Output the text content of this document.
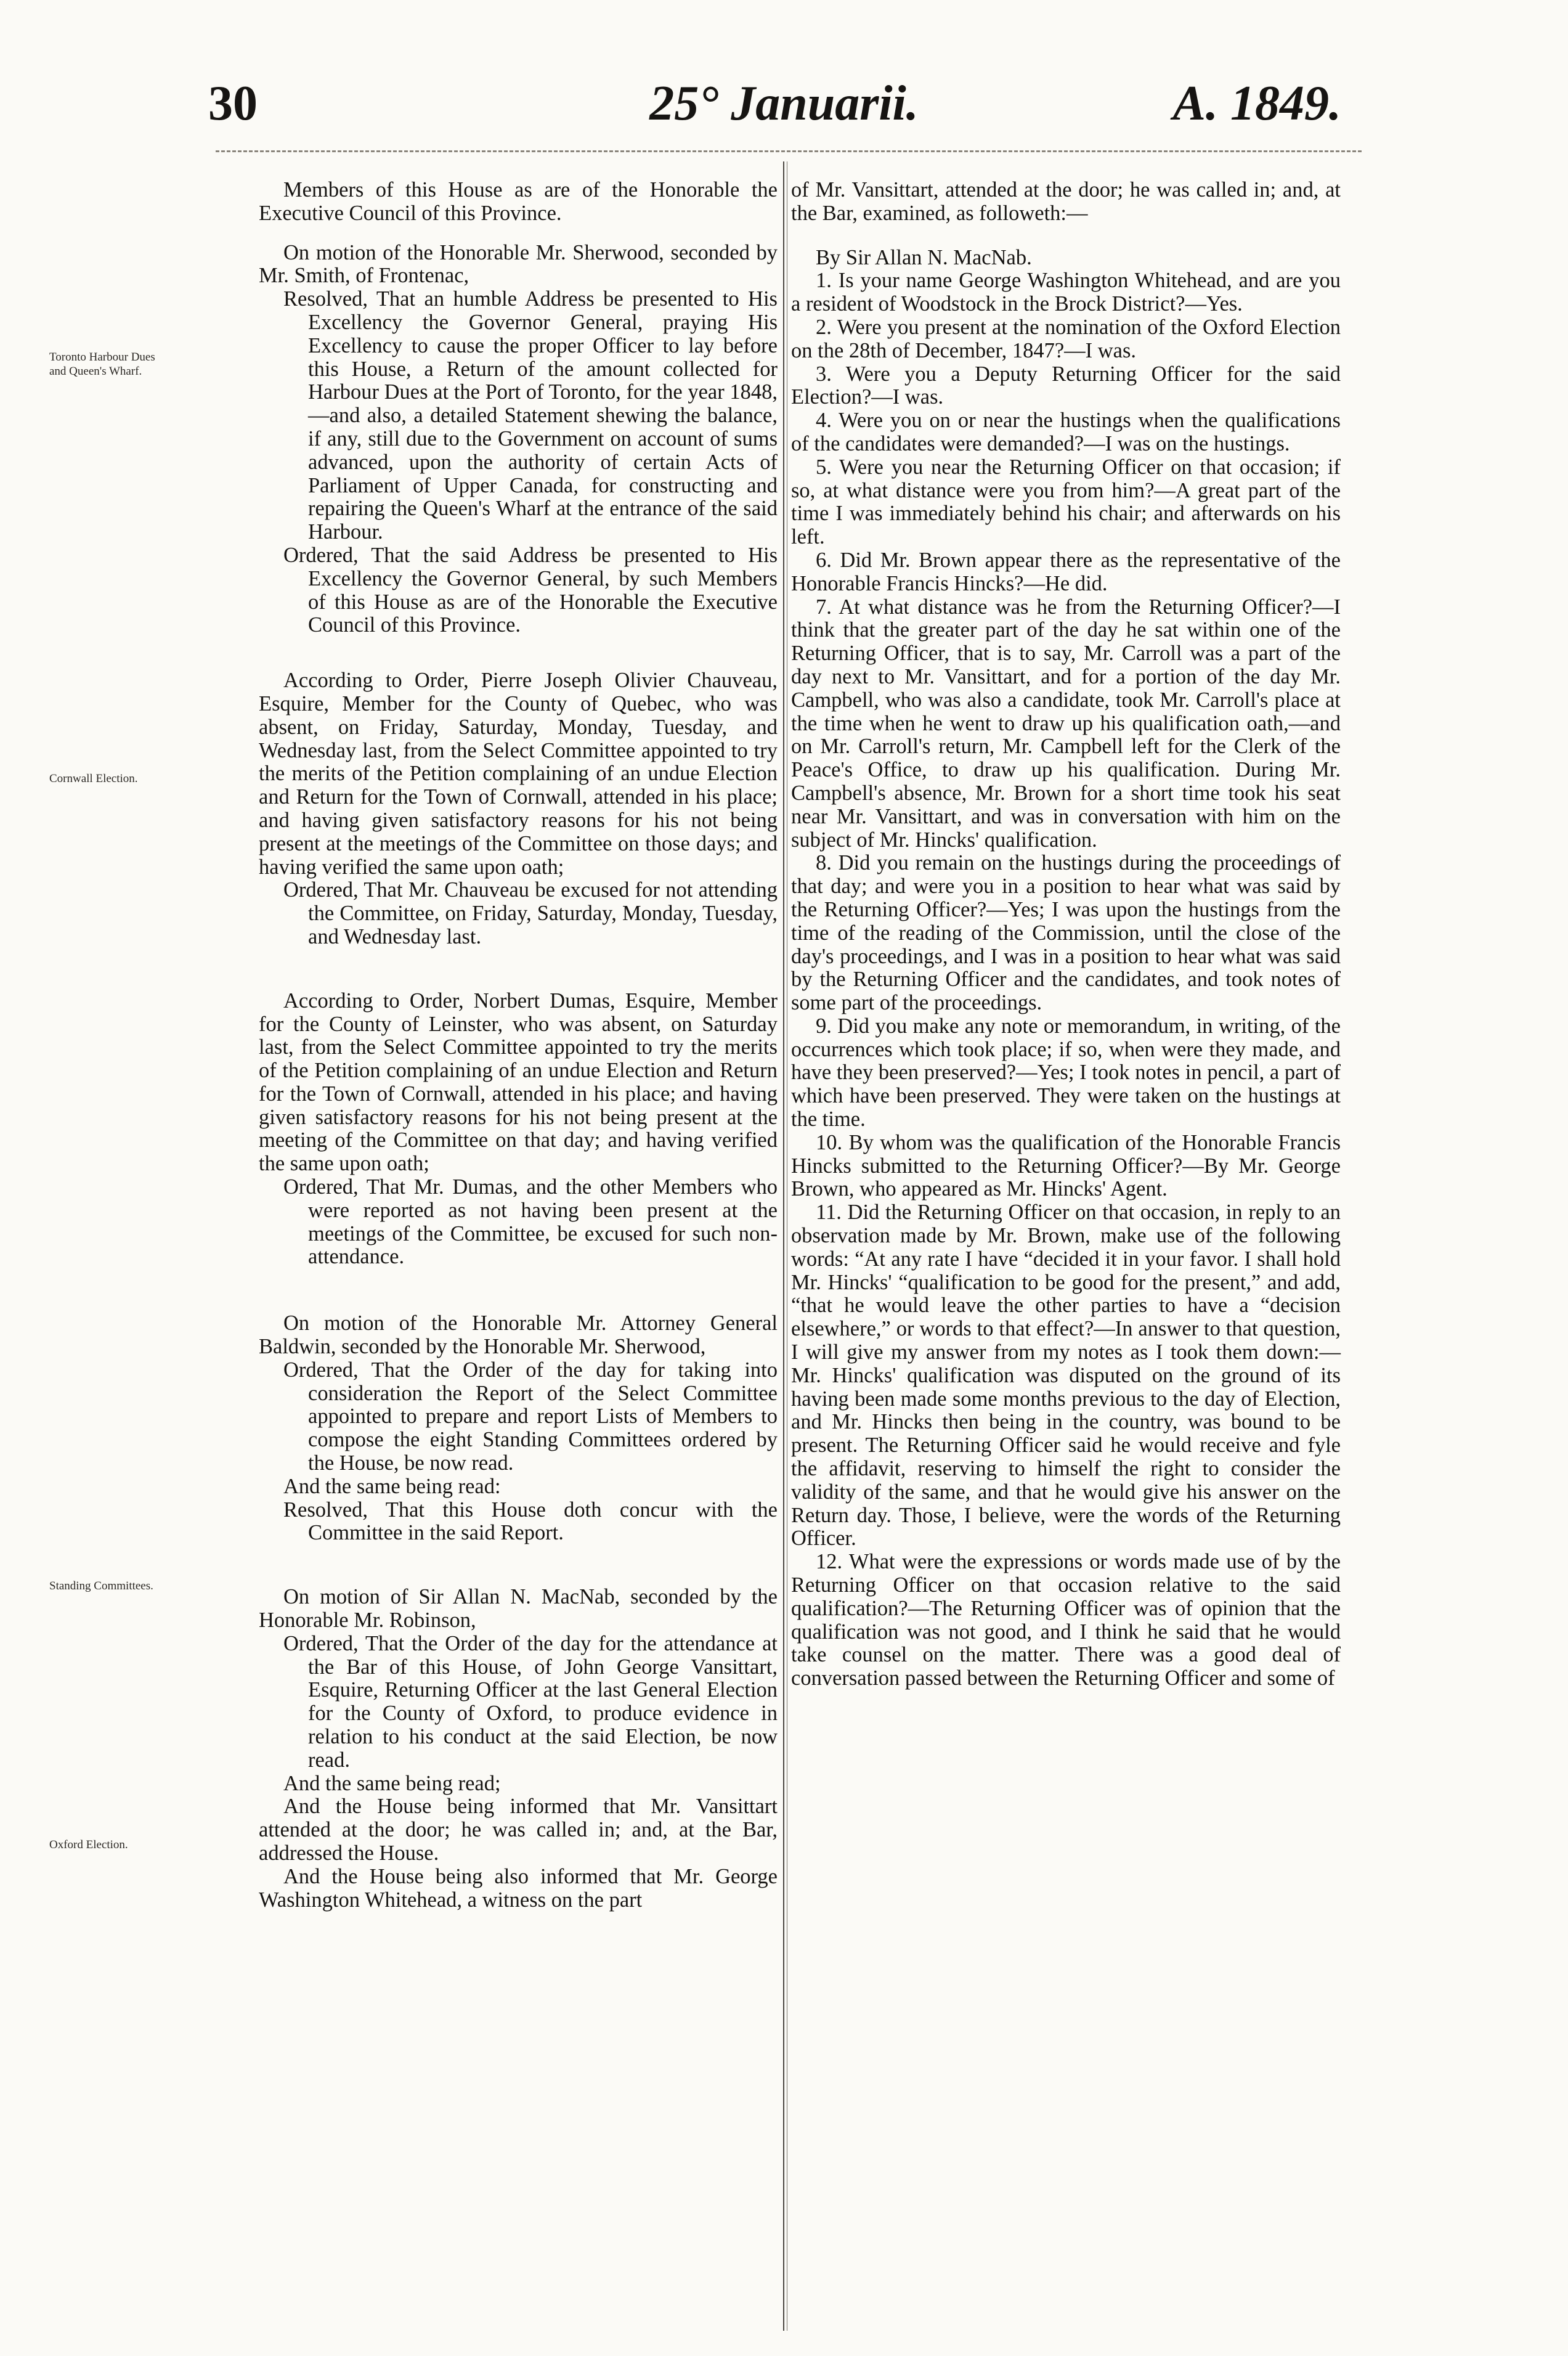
30	25° Januarii.	A. 1849.
Toronto Harbour Dues and Queen's Wharf.
Cornwall Election.
Standing Committees.
Oxford Election.

Members of this House as are of the Honorable the Executive Council of this Province.

On motion of the Honorable Mr. Sherwood, seconded by Mr. Smith, of Frontenac,

Resolved, That an humble Address be presented to His Excellency the Governor General, praying His Excellency to cause the proper Officer to lay before this House, a Return of the amount collected for Harbour Dues at the Port of Toronto, for the year 1848,—and also, a detailed Statement shewing the balance, if any, still due to the Government on account of sums advanced, upon the authority of certain Acts of Parliament of Upper Canada, for constructing and repairing the Queen's Wharf at the entrance of the said Harbour.

Ordered, That the said Address be presented to His Excellency the Governor General, by such Members of this House as are of the Honorable the Executive Council of this Province.

According to Order, Pierre Joseph Olivier Chauveau, Esquire, Member for the County of Quebec, who was absent, on Friday, Saturday, Monday, Tuesday, and Wednesday last, from the Select Committee appointed to try the merits of the Petition complaining of an undue Election and Return for the Town of Cornwall, attended in his place; and having given satisfactory reasons for his not being present at the meetings of the Committee on those days; and having verified the same upon oath;

Ordered, That Mr. Chauveau be excused for not attending the Committee, on Friday, Saturday, Monday, Tuesday, and Wednesday last.

According to Order, Norbert Dumas, Esquire, Member for the County of Leinster, who was absent, on Saturday last, from the Select Committee appointed to try the merits of the Petition complaining of an undue Election and Return for the Town of Cornwall, attended in his place; and having given satisfactory reasons for his not being present at the meeting of the Committee on that day; and having verified the same upon oath;

Ordered, That Mr. Dumas, and the other Members who were reported as not having been present at the meetings of the Committee, be excused for such non-attendance.

On motion of the Honorable Mr. Attorney General Baldwin, seconded by the Honorable Mr. Sherwood,

Ordered, That the Order of the day for taking into consideration the Report of the Select Committee appointed to prepare and report Lists of Members to compose the eight Standing Committees ordered by the House, be now read.

And the same being read:

Resolved, That this House doth concur with the Committee in the said Report.

On motion of Sir Allan N. MacNab, seconded by the Honorable Mr. Robinson,

Ordered, That the Order of the day for the attendance at the Bar of this House, of John George Vansittart, Esquire, Returning Officer at the last General Election for the County of Oxford, to produce evidence in relation to his conduct at the said Election, be now read.

And the same being read;

And the House being informed that Mr. Vansittart attended at the door; he was called in; and, at the Bar, addressed the House.

And the House being also informed that Mr. George Washington Whitehead, a witness on the part

of Mr. Vansittart, attended at the door; he was called in; and, at the Bar, examined, as followeth:—

By Sir Allan N. MacNab.

1. Is your name George Washington Whitehead, and are you a resident of Woodstock in the Brock District?—Yes.

2. Were you present at the nomination of the Oxford Election on the 28th of December, 1847?—I was.

3. Were you a Deputy Returning Officer for the said Election?—I was.

4. Were you on or near the hustings when the qualifications of the candidates were demanded?—I was on the hustings.

5. Were you near the Returning Officer on that occasion; if so, at what distance were you from him?—A great part of the time I was immediately behind his chair; and afterwards on his left.

6. Did Mr. Brown appear there as the representative of the Honorable Francis Hincks?—He did.

7. At what distance was he from the Returning Officer?—I think that the greater part of the day he sat within one of the Returning Officer, that is to say, Mr. Carroll was a part of the day next to Mr. Vansittart, and for a portion of the day Mr. Campbell, who was also a candidate, took Mr. Carroll's place at the time when he went to draw up his qualification oath,—and on Mr. Carroll's return, Mr. Campbell left for the Clerk of the Peace's Office, to draw up his qualification. During Mr. Campbell's absence, Mr. Brown for a short time took his seat near Mr. Vansittart, and was in conversation with him on the subject of Mr. Hincks' qualification.

8. Did you remain on the hustings during the proceedings of that day; and were you in a position to hear what was said by the Returning Officer?—Yes; I was upon the hustings from the time of the reading of the Commission, until the close of the day's proceedings, and I was in a position to hear what was said by the Returning Officer and the candidates, and took notes of some part of the proceedings.

9. Did you make any note or memorandum, in writing, of the occurrences which took place; if so, when were they made, and have they been preserved?—Yes; I took notes in pencil, a part of which have been preserved. They were taken on the hustings at the time.

10. By whom was the qualification of the Honorable Francis Hincks submitted to the Returning Officer?—By Mr. George Brown, who appeared as Mr. Hincks' Agent.

11. Did the Returning Officer on that occasion, in reply to an observation made by Mr. Brown, make use of the following words: “At any rate I have “decided it in your favor. I shall hold Mr. Hincks' “qualification to be good for the present,” and add, “that he would leave the other parties to have a “decision elsewhere,” or words to that effect?—In answer to that question, I will give my answer from my notes as I took them down:—Mr. Hincks' qualification was disputed on the ground of its having been made some months previous to the day of Election, and Mr. Hincks then being in the country, was bound to be present. The Returning Officer said he would receive and fyle the affidavit, reserving to himself the right to consider the validity of the same, and that he would give his answer on the Return day. Those, I believe, were the words of the Returning Officer.

12. What were the expressions or words made use of by the Returning Officer on that occasion relative to the said qualification?—The Returning Officer was of opinion that the qualification was not good, and I think he said that he would take counsel on the matter. There was a good deal of conversation passed between the Returning Officer and some of
